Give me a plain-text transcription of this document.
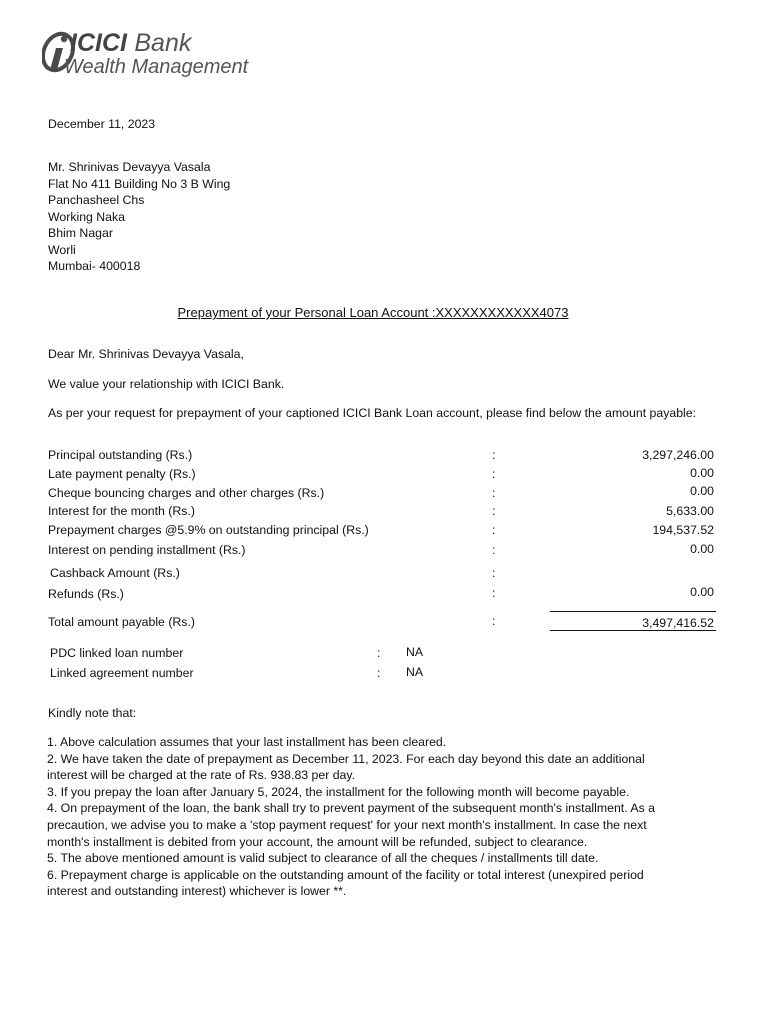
ICICI Bank
Wealth Management
December 11, 2023
Mr. Shrinivas Devayya Vasala
Flat No 411 Building No 3 B Wing
Panchasheel Chs
Working Naka
Bhim Nagar
Worli
Mumbai- 400018
Prepayment of your Personal Loan Account :XXXXXXXXXXXX4073
Dear Mr. Shrinivas Devayya Vasala,
We value your relationship with ICICI Bank.
As per your request for prepayment of your captioned ICICI Bank Loan account, please find below the amount payable:
Principal outstanding (Rs.)	:	3,297,246.00
Late payment penalty (Rs.)	:	0.00
Cheque bouncing charges and other charges (Rs.)	:	0.00
Interest for the month (Rs.)	:	5,633.00
Prepayment charges @5.9% on outstanding principal (Rs.)	:	194,537.52
Interest on pending installment (Rs.)	:	0.00
Cashback Amount (Rs.)	:
Refunds (Rs.)	:	0.00
Total amount payable (Rs.)	:	3,497,416.52
PDC linked loan number	: NA
Linked agreement number	: NA
Kindly note that:
1. Above calculation assumes that your last installment has been cleared.
2. We have taken the date of prepayment as December 11, 2023. For each day beyond this date an additional
interest will be charged at the rate of Rs. 938.83 per day.
3. If you prepay the loan after January 5, 2024, the installment for the following month will become payable.
4. On prepayment of the loan, the bank shall try to prevent payment of the subsequent month's installment. As a
precaution, we advise you to make a 'stop payment request' for your next month's installment. In case the next
month's installment is debited from your account, the amount will be refunded, subject to clearance.
5. The above mentioned amount is valid subject to clearance of all the cheques / installments till date.
6. Prepayment charge is applicable on the outstanding amount of the facility or total interest (unexpired period
interest and outstanding interest) whichever is lower **.
